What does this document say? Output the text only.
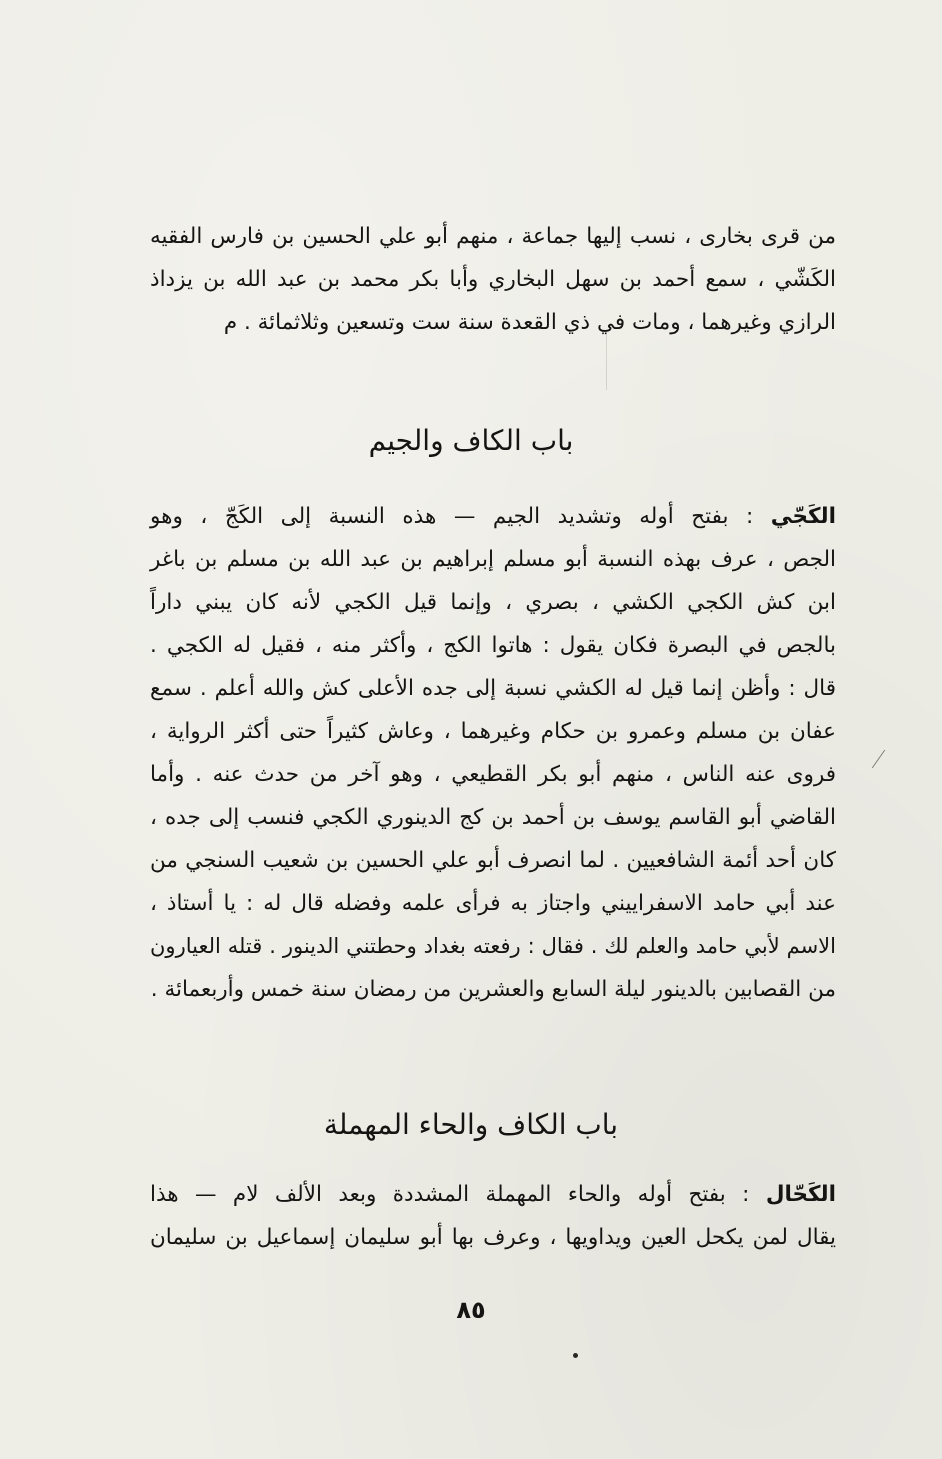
من قرى بخارى ، نسب إليها جماعة ، منهم أبو علي الحسين بن فارس الفقيه
الكَشّي ، سمع أحمد بن سهل البخاري وأبا بكر محمد بن عبد الله بن يزداذ
الرازي وغيرهما ، ومات في ذي القعدة سنة ست وتسعين وثلاثمائة . م
باب الكاف والجيم
الكَجّي : بفتح أوله وتشديد الجيم — هذه النسبة إلى الكَجّ ، وهو
الجص ، عرف بهذه النسبة أبو مسلم إبراهيم بن عبد الله بن مسلم بن باغر
ابن كش الكجي الكشي ، بصري ، وإنما قيل الكجي لأنه كان يبني داراً
بالجص في البصرة فكان يقول : هاتوا الكج ، وأكثر منه ، فقيل له الكجي .
قال : وأظن إنما قيل له الكشي نسبة إلى جده الأعلى كش والله أعلم . سمع
عفان بن مسلم وعمرو بن حكام وغيرهما ، وعاش كثيراً حتى أكثر الرواية ،
فروى عنه الناس ، منهم أبو بكر القطيعي ، وهو آخر من حدث عنه . وأما
القاضي أبو القاسم يوسف بن أحمد بن كج الدينوري الكجي فنسب إلى جده ،
كان أحد أئمة الشافعيين . لما انصرف أبو علي الحسين بن شعيب السنجي من
عند أبي حامد الاسفراييني واجتاز به فرأى علمه وفضله قال له : يا أستاذ ،
الاسم لأبي حامد والعلم لك . فقال : رفعته بغداد وحطتني الدينور . قتله العيارون
من القصابين بالدينور ليلة السابع والعشرين من رمضان سنة خمس وأربعمائة .
باب الكاف والحاء المهملة
الكَحّال : بفتح أوله والحاء المهملة المشددة وبعد الألف لام — هذا
يقال لمن يكحل العين ويداويها ، وعرف بها أبو سليمان إسماعيل بن سليمان
٨٥
